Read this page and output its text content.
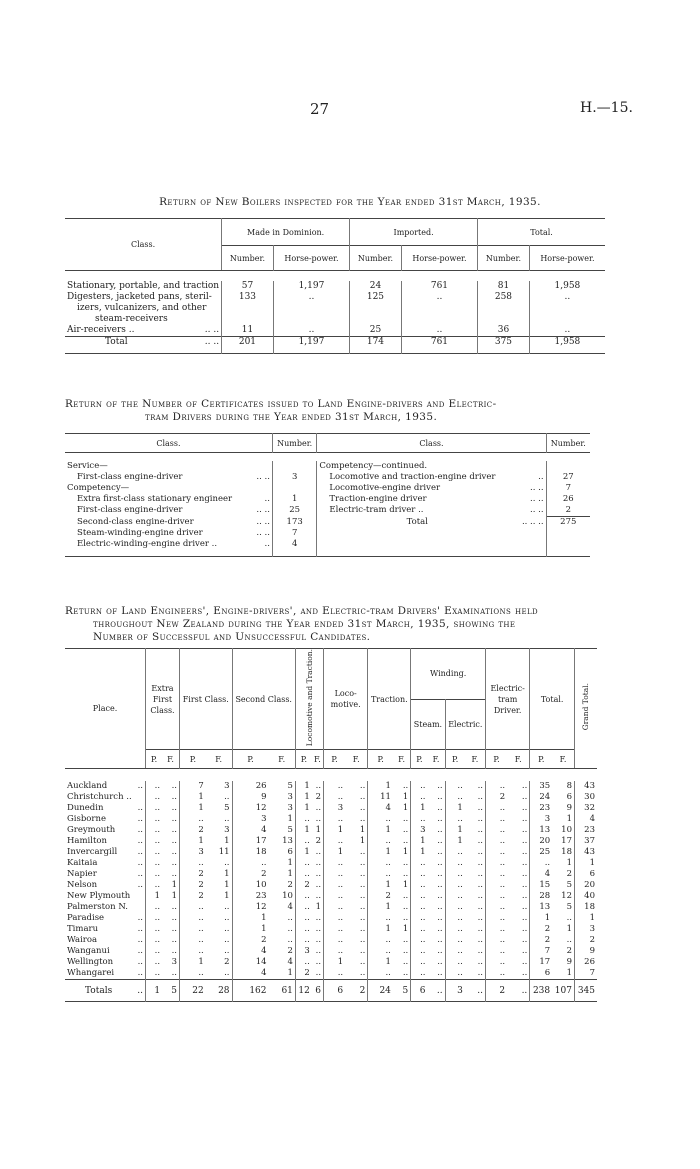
27	H.—15.
Return of New Boilers inspected for the Year ended 31st March, 1935.
Class.	Made in Dominion.		Imported.		Total.	
	Number.	Horse-power.	Number.	Horse-power.	Number.	Horse-power.

Stationary, portable, and traction	57	1,197	24	761	81	1,958
Digesters, jacketed pans, steril-	133	..	125	..	258	..
izers, vulcanizers, and other						
steam-receivers						
Air-receivers .. .. ..	11	..	25	..	36	..
Total .. ..	201	1,197	174	761	375	1,958
Return of the Number of Certificates issued to Land Engine-drivers and Electric-
tram Drivers during the Year ended 31st March, 1935.
Class.		Number.	Class.		Number.

Service—			Competency—continued.		
First-class engine-driver	.. ..	3	Locomotive and traction-engine driver	..	27
Competency—			Locomotive-engine driver	.. ..	7
Extra first-class stationary engineer	..	1	Traction-engine driver	.. ..	26
First-class engine-driver	.. ..	25	Electric-tram driver ..	.. ..	2
Second-class engine-driver	.. ..	173	Total	.. .. ..	275
Steam-winding-engine driver	.. ..	7			
Electric-winding-engine driver ..	..	4			

Return of Land Engineers', Engine-drivers', and Electric-tram Drivers' Examinations held
throughout New Zealand during the Year ended 31st March, 1935, showing the
Number of Successful and Unsuccessful Candidates.
Place.	Extra First Class.		First Class.		Second Class.		Locomotive and Traction.		Loco-motive.		Traction.		Winding.				Electric-tram Driver.		Total.		Grand Total.
													Steam.		Electric.						
	P.	F.	P.	F.	P.	F.	P.	F.	P.	F.	P.	F.	P.	F.	P.	F.	P.	F.	P.	F.	

Auckland ..	..	..	7	3	26	5	1	..	..	..	1	..	..	..	..	..	..	..	35	8	43
Christchurch ..	..	..	1	..	9	3	1	2	..	..	11	1	..	..	..	..	2	..	24	6	30
Dunedin ..	..	..	1	5	12	3	1	..	3	..	4	1	1	..	1	..	..	..	23	9	32
Gisborne ..	..	..	..	..	3	1	..	..	..	..	..	..	..	..	..	..	..	..	3	1	4
Greymouth ..	..	..	2	3	4	5	1	1	1	1	1	..	3	..	1	..	..	..	13	10	23
Hamilton ..	..	..	1	1	17	13	..	2	..	1	..	..	1	..	1	..	..	..	20	17	37
Invercargill ..	..	..	3	11	18	6	1	..	1	..	1	1	1	..	..	..	..	..	25	18	43
Kaitaia ..	..	..	..	..	..	1	..	..	..	..	..	..	..	..	..	..	..	..	..	1	1
Napier ..	..	..	2	1	2	1	..	..	..	..	..	..	..	..	..	..	..	..	4	2	6
Nelson ..	..	1	2	1	10	2	2	..	..	..	1	1	..	..	..	..	..	..	15	5	20
New Plymouth	1	1	2	1	23	10	..	..	..	..	2	..	..	..	..	..	..	..	28	12	40
Palmerston N.	..	..	..	..	12	4	..	1	..	..	1	..	..	..	..	..	..	..	13	5	18
Paradise ..	..	..	..	..	1	..	..	..	..	..	..	..	..	..	..	..	..	..	1	..	1
Timaru ..	..	..	..	..	1	..	..	..	..	..	1	1	..	..	..	..	..	..	2	1	3
Wairoa ..	..	..	..	..	2	..	..	..	..	..	..	..	..	..	..	..	..	..	2	..	2
Wanganui ..	..	..	..	..	4	2	3	..	..	..	..	..	..	..	..	..	..	..	7	2	9
Wellington ..	..	3	1	2	14	4	..	..	1	..	1	..	..	..	..	..	..	..	17	9	26
Whangarei ..	..	..	..	..	4	1	2	..	..	..	..	..	..	..	..	..	..	..	6	1	7
Totals ..	1	5	22	28	162	61	12	6	6	2	24	5	6	..	3	..	2	..	238	107	345
